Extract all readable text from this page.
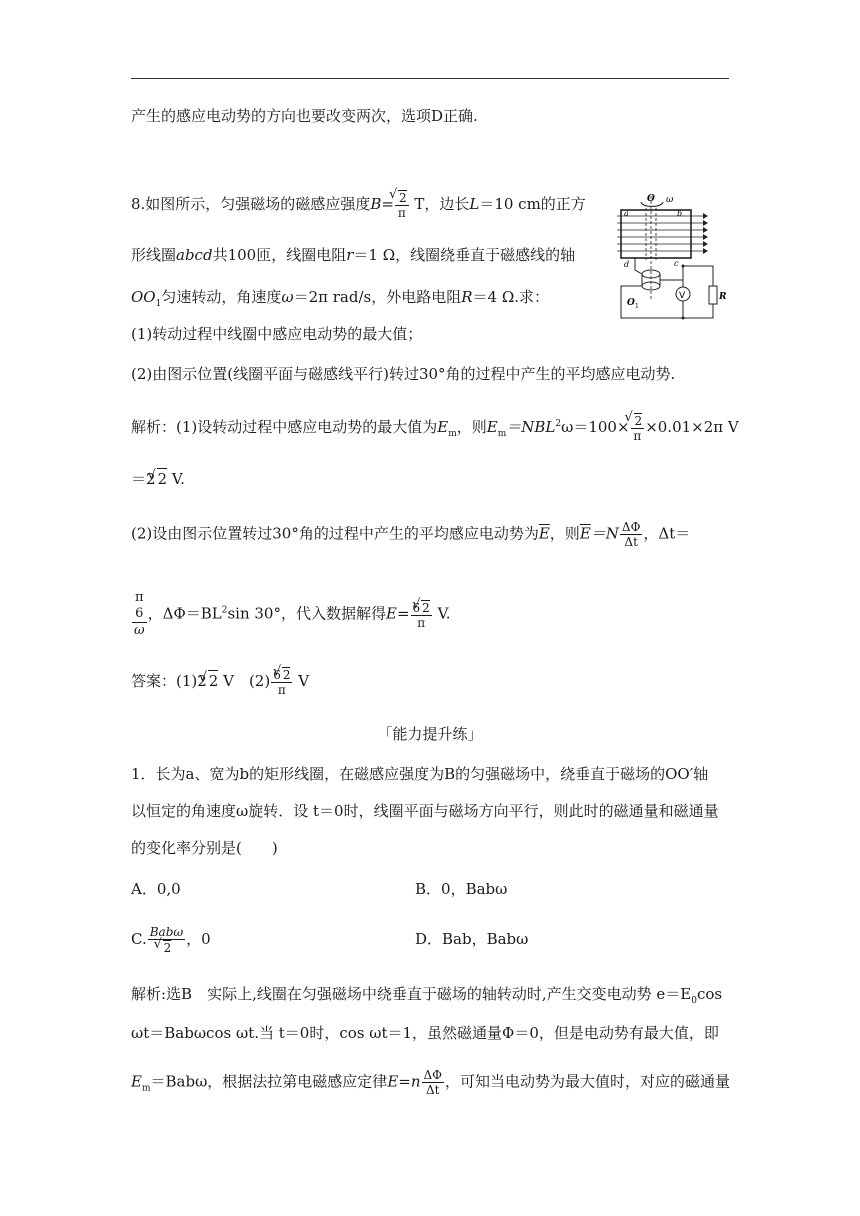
产生的感应电动势的方向也要改变两次，选项D正确.
8.如图所示，匀强磁场的磁感应强度B= √ $\frac{2}{\pi}$ T，边长L＝10 cm的正方
形线圈abcd共100匝，线圈电阻r＝1 Ω，线圈绕垂直于磁感线的轴
$OO_1$匀速转动，角速度ω＝2π rad/s，外电路电阻R＝4 Ω.求：
(1)转动过程中线圈中感应电动势的最大值；
(2)由图示位置(线圈平面与磁感线平行)转过30°角的过程中产生的平均感应电动势.
解析：(1)设转动过程中感应电动势的最大值为$E_m$，则$E_m=NBL^2\omega=100\times$ √ $\frac{2}{\pi} \times 0.01\times 2\pi$ V
＝2 √ 2 V.
(2)设由图示位置转过30°角的过程中产生的平均感应电动势为$\overline{E}$，则$\overline{E}=N \frac{\Delta\Phi}{\Delta t}$ ，Δt＝
π
6
ω
，$\Delta\Phi=BL^2\sin$ 30°，代入数据解得$E= \frac{6 √ 2}{\pi} V$.
答案：(1)2 √ 2 V　$(2) \frac{6 √ 2}{\pi}$ V
「能力提升练」
1．长为a、宽为b的矩形线圈，在磁感应强度为B的匀强磁场中，绕垂直于磁场的OO′轴
以恒定的角速度ω旋转．设 t＝0时，线圈平面与磁场方向平行，则此时的磁通量和磁通量
的变化率分别是(　　)
A．0,0	B．0，Babω
C. Babω
√ 2 ，0	D．Bab，Babω
解析:选B　实际上,线圈在匀强磁场中绕垂直于磁场的轴转动时,产生交变电动势 $e=E_0\cos$
ωt＝Babωcos ωt.当 t＝0时，cos ωt＝1，虽然磁通量Φ＝0，但是电动势有最大值，即
$E_m=Bab\omega$，根据法拉第电磁感应定律$E=n \frac{\Delta\Phi}{\Delta t}$ ，可知当电动势为最大值时，对应的磁通量
O ω
a	b
d	c
O 1
V	R
